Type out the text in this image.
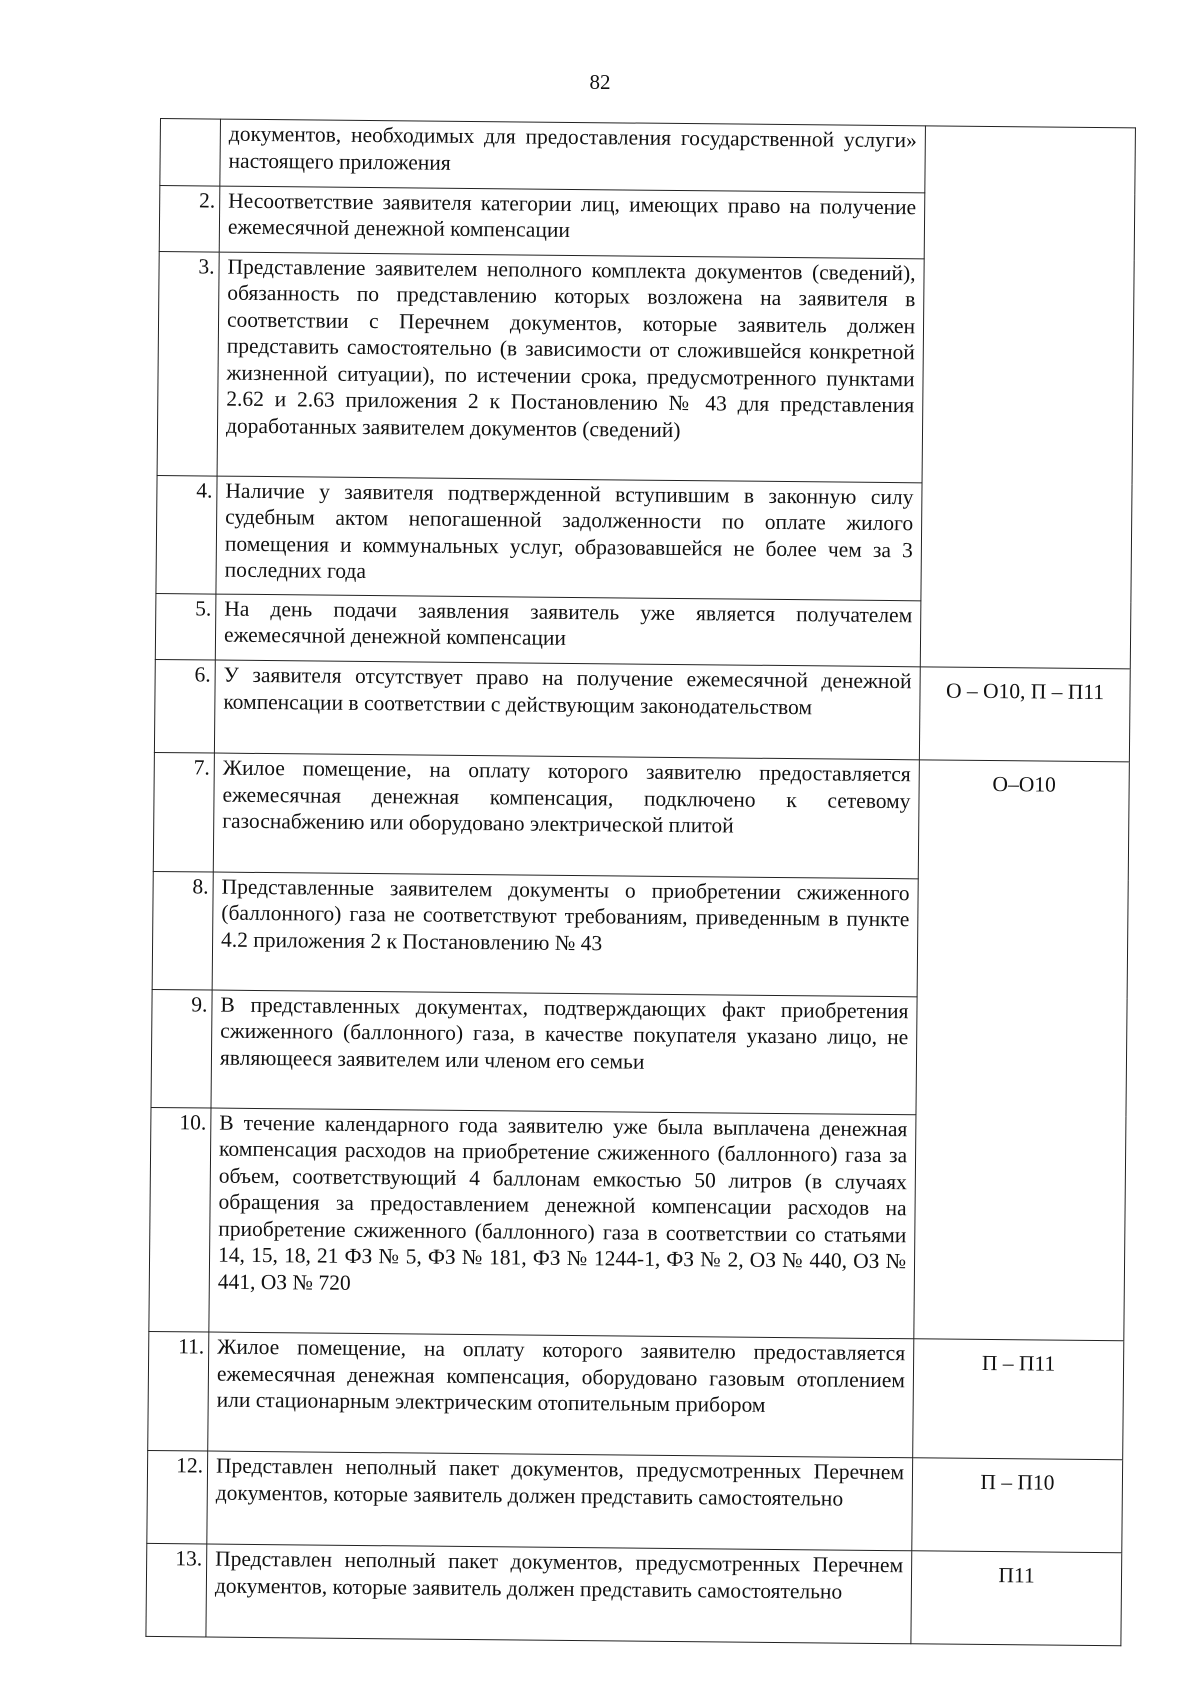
82
	документов, необходимых для предоставления государственной услуги» настоящего приложения	
2.	Несоответствие заявителя категории лиц, имеющих право на получение ежемесячной денежной компенсации	
3.	Представление заявителем неполного комплекта документов (сведений), обязанность по представлению которых возложена на заявителя в соответствии с Перечнем документов, которые заявитель должен представить самостоятельно (в зависимости от сложившейся конкретной жизненной ситуации), по истечении срока, предусмотренного пунктами 2.62 и 2.63 приложения 2 к Постановлению № 43 для представления доработанных заявителем документов (сведений)	
4.	Наличие у заявителя подтвержденной вступившим в законную силу судебным актом непогашенной задолженности по оплате жилого помещения и коммунальных услуг, образовавшейся не более чем за 3 последних года	
5.	На день подачи заявления заявитель уже является получателем ежемесячной денежной компенсации	
6.	У заявителя отсутствует право на получение ежемесячной денежной компенсации в соответствии с действующим законодательством	О – О10, П – П11
7.	Жилое помещение, на оплату которого заявителю предоставляется ежемесячная денежная компенсация, подключено к сетевому газоснабжению или оборудовано электрической плитой	О–О10
8.	Представленные заявителем документы о приобретении сжиженного (баллонного) газа не соответствуют требованиям, приведенным в пункте 4.2 приложения 2 к Постановлению № 43	
9.	В представленных документах, подтверждающих факт приобретения сжиженного (баллонного) газа, в качестве покупателя указано лицо, не являющееся заявителем или членом его семьи	
10.	В течение календарного года заявителю уже была выплачена денежная компенсация расходов на приобретение сжиженного (баллонного) газа за объем, соответствующий 4 баллонам емкостью 50 литров (в случаях обращения за предоставлением денежной компенсации расходов на приобретение сжиженного (баллонного) газа в соответствии со статьями 14, 15, 18, 21 ФЗ № 5, ФЗ № 181, ФЗ № 1244-1, ФЗ № 2, ОЗ № 440, ОЗ № 441, ОЗ № 720	
11.	Жилое помещение, на оплату которого заявителю предоставляется ежемесячная денежная компенсация, оборудовано газовым отоплением или стационарным электрическим отопительным прибором	П – П11
12.	Представлен неполный пакет документов, предусмотренных Перечнем документов, которые заявитель должен представить самостоятельно	П – П10
13.	Представлен неполный пакет документов, предусмотренных Перечнем документов, которые заявитель должен представить самостоятельно	П11
